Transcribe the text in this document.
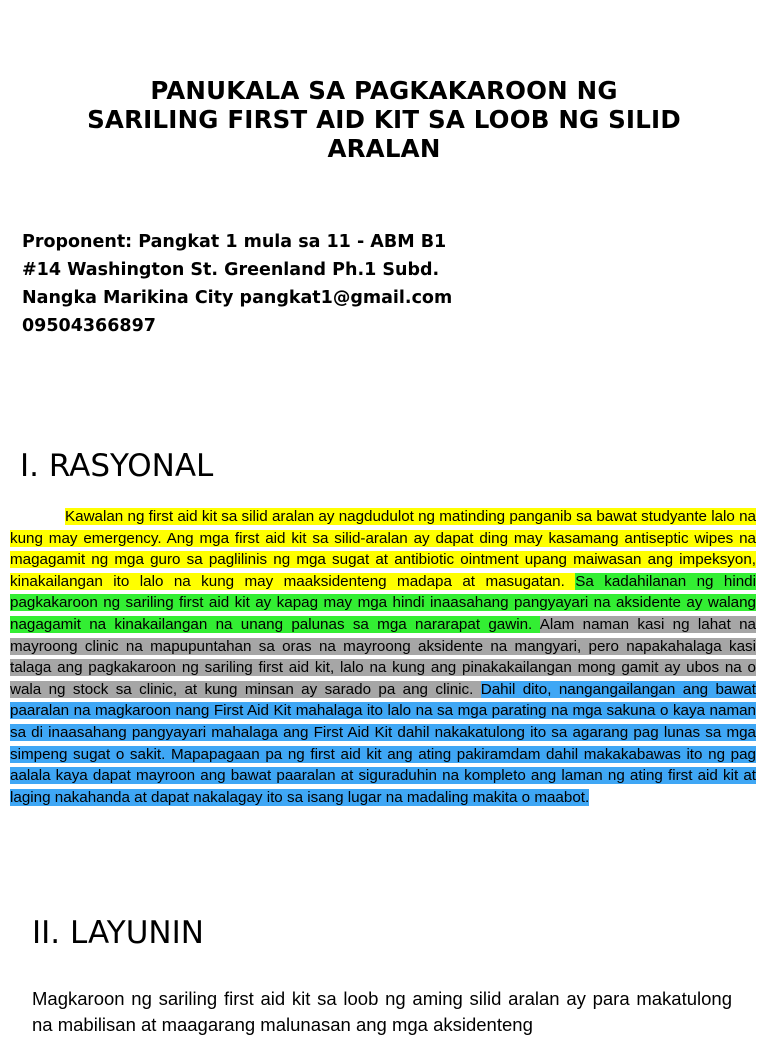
PANUKALA SA PAGKAKAROON NG
SARILING FIRST AID KIT SA LOOB NG SILID
ARALAN
Proponent: Pangkat 1 mula sa 11 - ABM B1
#14 Washington St. Greenland Ph.1 Subd.
Nangka Marikina City pangkat1@gmail.com
09504366897
I. RASYONAL

Kawalan ng first aid kit sa silid aralan ay nagdudulot ng matinding panganib sa bawat studyante lalo na kung may emergency. Ang mga first aid kit sa silid-aralan ay dapat ding may kasamang antiseptic wipes na magagamit ng mga guro sa paglilinis ng mga sugat at antibiotic ointment upang maiwasan ang impeksyon, kinakailangan ito lalo na kung may maaksidenteng madapa at masugatan. Sa kadahilanan ng hindi pagkakaroon ng sariling first aid kit ay kapag may mga hindi inaasahang pangyayari na aksidente ay walang nagagamit na kinakailangan na unang palunas sa mga nararapat gawin. Alam naman kasi ng lahat na mayroong clinic na mapupuntahan sa oras na mayroong aksidente na mangyari, pero napakahalaga kasi talaga ang pagkakaroon ng sariling first aid kit, lalo na kung ang pinakakailangan mong gamit ay ubos na o wala ng stock sa clinic, at kung minsan ay sarado pa ang clinic. Dahil dito, nangangailangan ang bawat paaralan na magkaroon nang First Aid Kit mahalaga ito lalo na sa mga parating na mga sakuna o kaya naman sa di inaasahang pangyayari mahalaga ang First Aid Kit dahil nakakatulong ito sa agarang pag lunas sa mga simpeng sugat o sakit. Mapapagaan pa ng first aid kit ang ating pakiramdam dahil makakabawas ito ng pag aalala kaya dapat mayroon ang bawat paaralan at siguraduhin na kompleto ang laman ng ating first aid kit at laging nakahanda at dapat nakalagay ito sa isang lugar na madaling makita o maabot.

II. LAYUNIN

Magkaroon ng sariling first aid kit sa loob ng aming silid aralan ay para makatulong na mabilisan at maagarang malunasan ang mga aksidenteng
